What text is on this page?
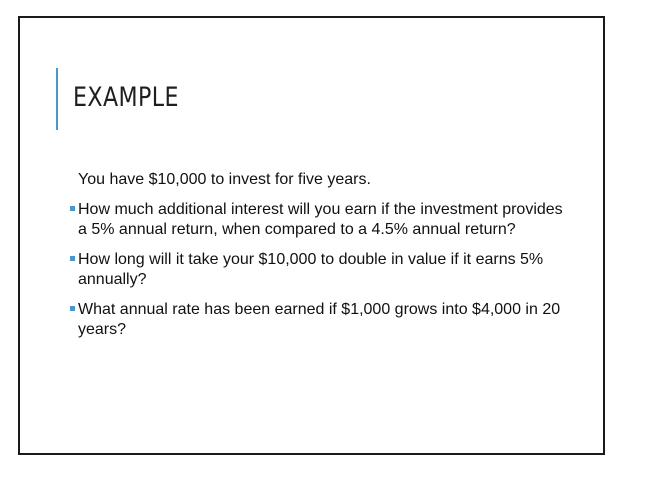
EXAMPLE

You have $10,000 to invest for five years.

How much additional interest will you earn if the investment provides a 5% annual return, when compared to a 4.5% annual return?
How long will it take your $10,000 to double in value if it earns 5% annually?
What annual rate has been earned if $1,000 grows into $4,000 in 20 years?
